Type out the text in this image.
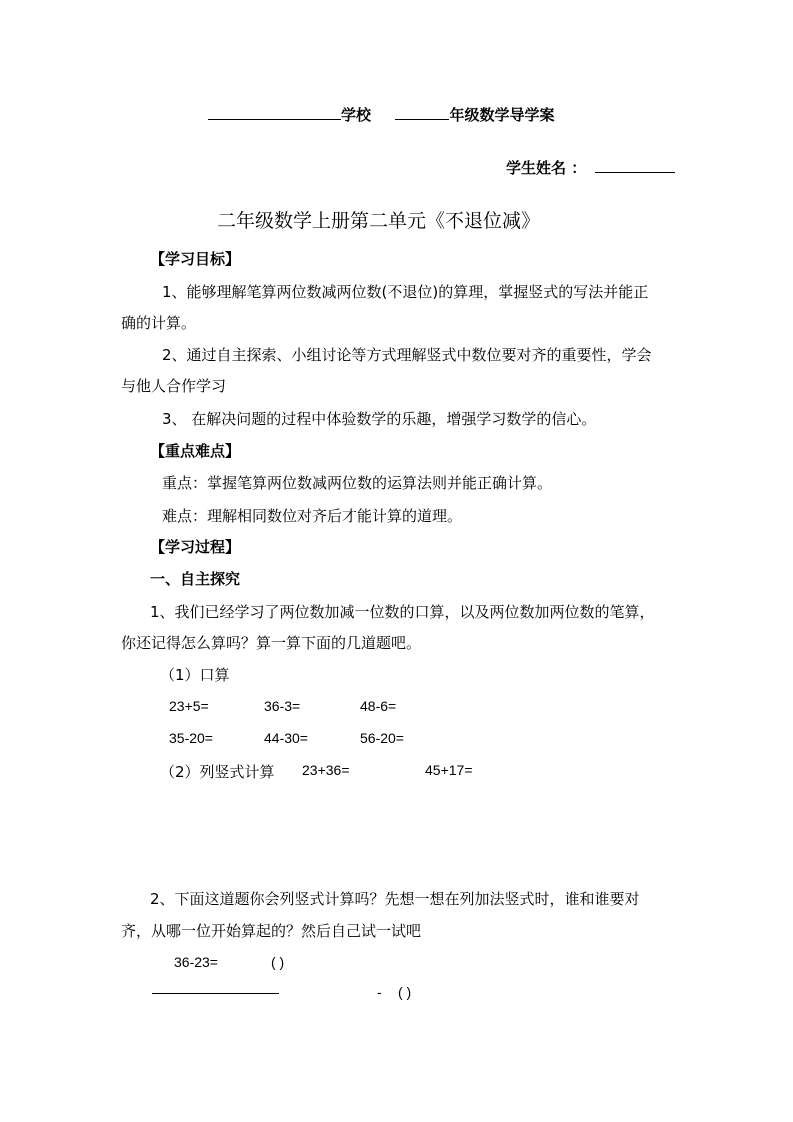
学校	年级数学导学案
学生姓名 ：
二年级数学上册第二单元《不退位减》
【学习目标】
1、能够理解笔算两位数减两位数(不退位)的算理，掌握竖式的写法并能正
确的计算。
2、通过自主探索、小组讨论等方式理解竖式中数位要对齐的重要性，学会
与他人合作学习
3、 在解决问题的过程中体验数学的乐趣，增强学习数学的信心。
【重点难点】
重点：掌握笔算两位数减两位数的运算法则并能正确计算。
难点：理解相同数位对齐后才能计算的道理。
【学习过程】
一、自主探究
1、我们已经学习了两位数加减一位数的口算，以及两位数加两位数的笔算，
你还记得怎么算吗？算一算下面的几道题吧。
（1）口算
23+5=	36-3=	48-6=
35-20=	44-30=	56-20=
（2）列竖式计算 23+36=	45+17=
2、下面这道题你会列竖式计算吗？先想一想在列加法竖式时，谁和谁要对
齐，从哪一位开始算起的？然后自己试一试吧
36-23=	( )
- ( )
